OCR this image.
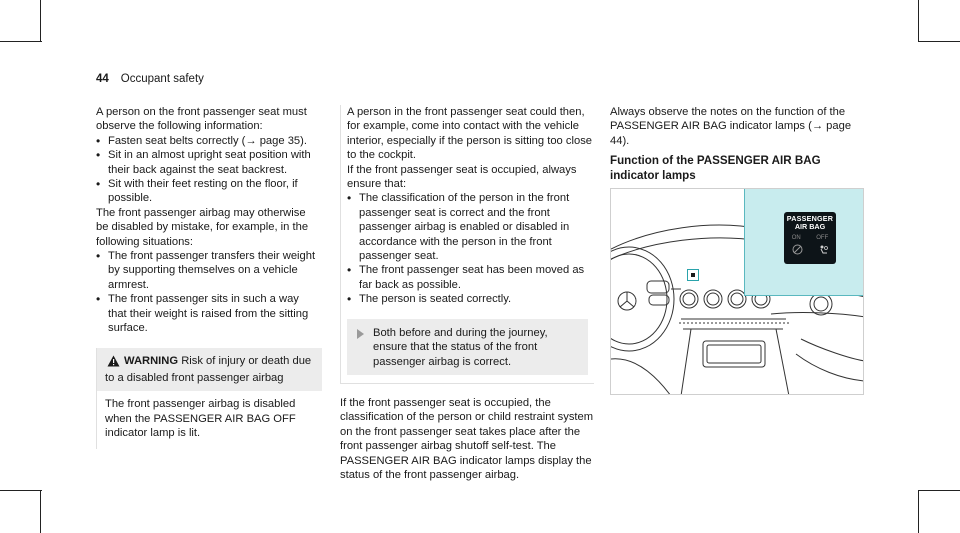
44 Occupant safety

A person on the front passenger seat must observe the following information:

• Fasten seat belts correctly (→ page 35).
• Sit in an almost upright seat position with their back against the seat backrest.
• Sit with their feet resting on the floor, if possible.

The front passenger airbag may otherwise be disabled by mistake, for example, in the following situations:

• The front passenger transfers their weight by supporting themselves on a vehicle armrest.
• The front passenger sits in such a way that their weight is raised from the sitting surface.
WARNING Risk of injury or death due to a disabled front passenger airbag
The front passenger airbag is disabled when the PASSENGER AIR BAG OFF indicator lamp is lit.

A person in the front passenger seat could then, for example, come into contact with the vehicle interior, especially if the person is sitting too close to the cockpit.

If the front passenger seat is occupied, always ensure that:

• The classification of the person in the front passenger seat is correct and the front passenger airbag is enabled or disabled in accordance with the person in the front passenger seat.
• The front passenger seat has been moved as far back as possible.
• The person is seated correctly.
Both before and during the journey, ensure that the status of the front passenger airbag is correct.

If the front passenger seat is occupied, the classification of the person or child restraint system on the front passenger seat takes place after the front passenger airbag shutoff self-test. The PASSENGER AIR BAG indicator lamps display the status of the front passenger airbag.

Always observe the notes on the function of the PASSENGER AIR BAG indicator lamps (→ page 44).

Function of the PASSENGER AIR BAG indicator lamps

PASSENGER
AIR BAG
ON	OFF
